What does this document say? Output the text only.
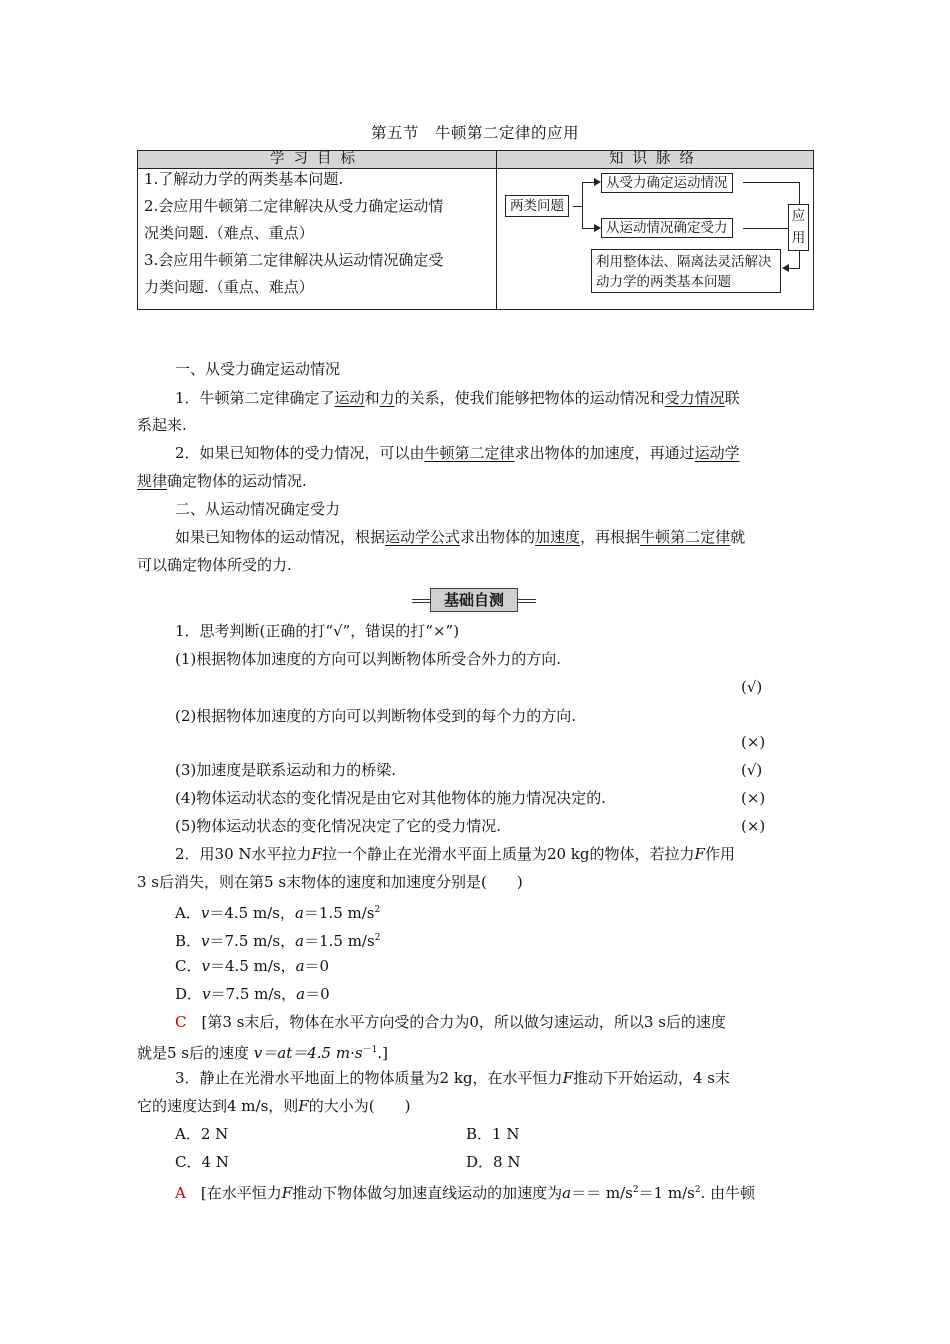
第五节　牛顿第二定律的应用
学习目标	知识脉络
1.了解动力学的两类基本问题.
2.会应用牛顿第二定律解决从受力确定运动情
况类问题.（难点、重点）
3.会应用牛顿第二定律解决从运动情况确定受
力类问题.（重点、难点）
两类问题
从受力确定运动情况
从运动情况确定受力
应用
利用整体法、隔离法灵活解决
动力学的两类基本问题
一、从受力确定运动情况
1．牛顿第二定律确定了运动和力的关系，使我们能够把物体的运动情况和受力情况联
系起来.
2．如果已知物体的受力情况，可以由牛顿第二定律求出物体的加速度，再通过运动学
规律确定物体的运动情况.
二、从运动情况确定受力
如果已知物体的运动情况，根据运动学公式求出物体的加速度，再根据牛顿第二定律就
可以确定物体所受的力.
基础自测
1．思考判断(正确的打“√”，错误的打“×”)
(1)根据物体加速度的方向可以判断物体所受合外力的方向.
(√)
(2)根据物体加速度的方向可以判断物体受到的每个力的方向.
(×)
(3)加速度是联系运动和力的桥梁.	(√)
(4)物体运动状态的变化情况是由它对其他物体的施力情况决定的.	(×)
(5)物体运动状态的变化情况决定了它的受力情况.	(×)
2．用30 N水平拉力F拉一个静止在光滑水平面上质量为20 kg的物体，若拉力F作用
3 s后消失，则在第5 s末物体的速度和加速度分别是(　　)
A．v＝4.5 m/s，a＝1.5 $m/s^2$
B．v＝7.5 m/s，a＝1.5 $m/s^2$
C．v＝4.5 m/s，a＝0
D．v＝7.5 m/s，a＝0
C　 [第3 s末后，物体在水平方向受的合力为0，所以做匀速运动，所以3 s后的速度
就是5 s后的速度 v＝at＝4.5 $m\cdot s^{-1}$.]
3．静止在光滑水平地面上的物体质量为2 kg，在水平恒力F推动下开始运动，4 s末
它的速度达到4 m/s，则F的大小为(　　)
A．2 N	B．1 N
C．4 N	D．8 N
A　 [在水平恒力F推动下物体做匀加速直线运动的加速度为$a== m/s^2=1$ $m/s^2$. 由牛顿
